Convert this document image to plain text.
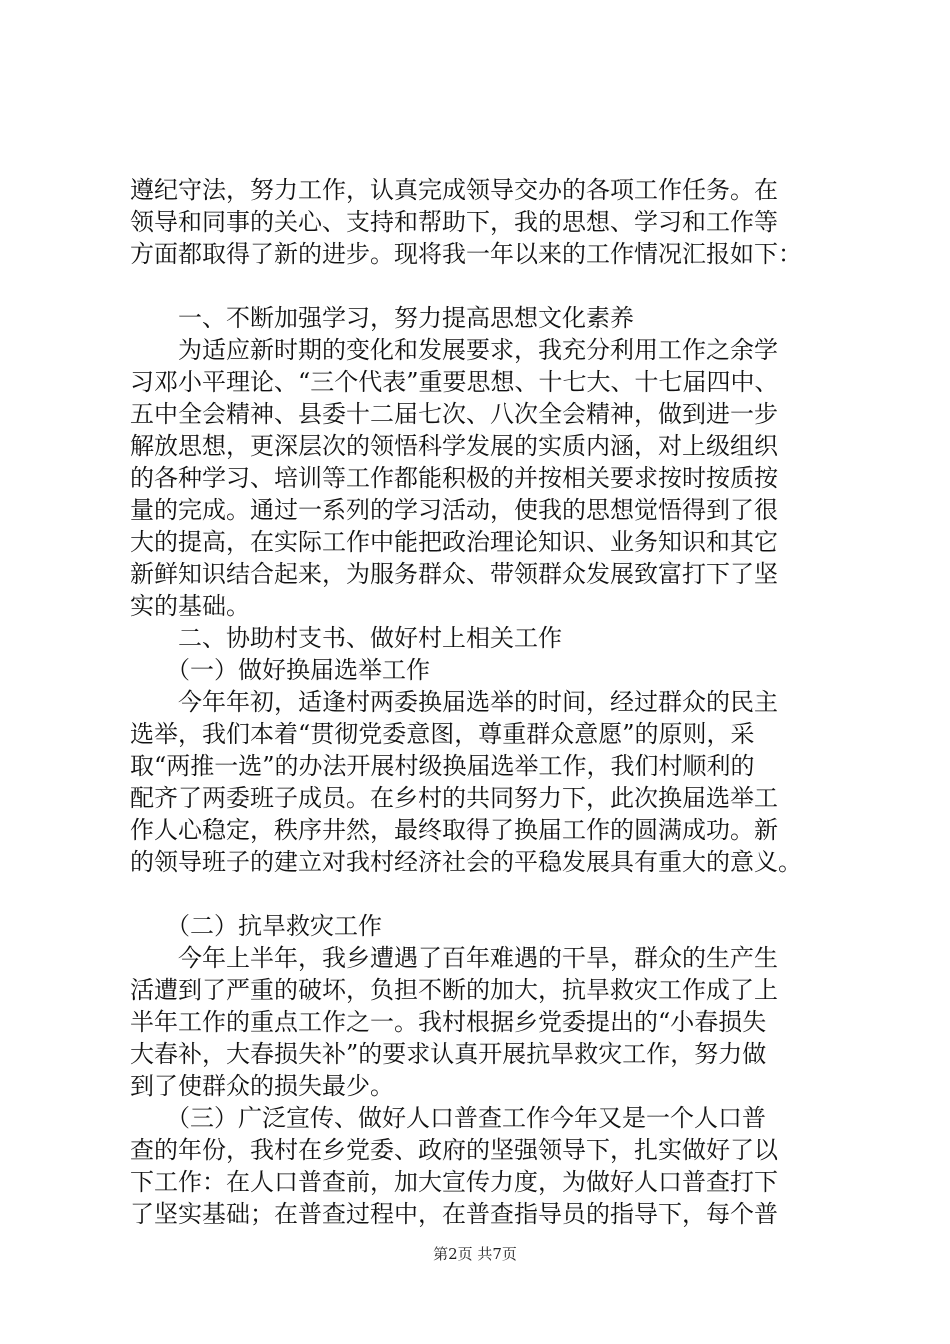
遵纪守法，努力工作，认真完成领导交办的各项工作任务。在
领导和同事的关心、支持和帮助下，我的思想、学习和工作等
方面都取得了新的进步。现将我一年以来的工作情况汇报如下：
　　一、不断加强学习，努力提高思想文化素养
　　为适应新时期的变化和发展要求，我充分利用工作之余学
习邓小平理论、“三个代表”重要思想、十七大、十七届四中、
五中全会精神、县委十二届七次、八次全会精神，做到进一步
解放思想，更深层次的领悟科学发展的实质内涵，对上级组织
的各种学习、培训等工作都能积极的并按相关要求按时按质按
量的完成。通过一系列的学习活动，使我的思想觉悟得到了很
大的提高，在实际工作中能把政治理论知识、业务知识和其它
新鲜知识结合起来，为服务群众、带领群众发展致富打下了坚
实的基础。
　　二、协助村支书、做好村上相关工作
　　（一）做好换届选举工作
　　今年年初，适逢村两委换届选举的时间，经过群众的民主
选举，我们本着“贯彻党委意图，尊重群众意愿”的原则，采
取“两推一选”的办法开展村级换届选举工作，我们村顺利的
配齐了两委班子成员。在乡村的共同努力下，此次换届选举工
作人心稳定，秩序井然，最终取得了换届工作的圆满成功。新
的领导班子的建立对我村经济社会的平稳发展具有重大的意义。
　　（二）抗旱救灾工作
　　今年上半年，我乡遭遇了百年难遇的干旱，群众的生产生
活遭到了严重的破坏，负担不断的加大，抗旱救灾工作成了上
半年工作的重点工作之一。我村根据乡党委提出的“小春损失
大春补，大春损失补”的要求认真开展抗旱救灾工作，努力做
到了使群众的损失最少。
　　（三）广泛宣传、做好人口普查工作今年又是一个人口普
查的年份，我村在乡党委、政府的坚强领导下，扎实做好了以
下工作：在人口普查前，加大宣传力度，为做好人口普查打下
了坚实基础；在普查过程中，在普查指导员的指导下，每个普
第2页 共7页
